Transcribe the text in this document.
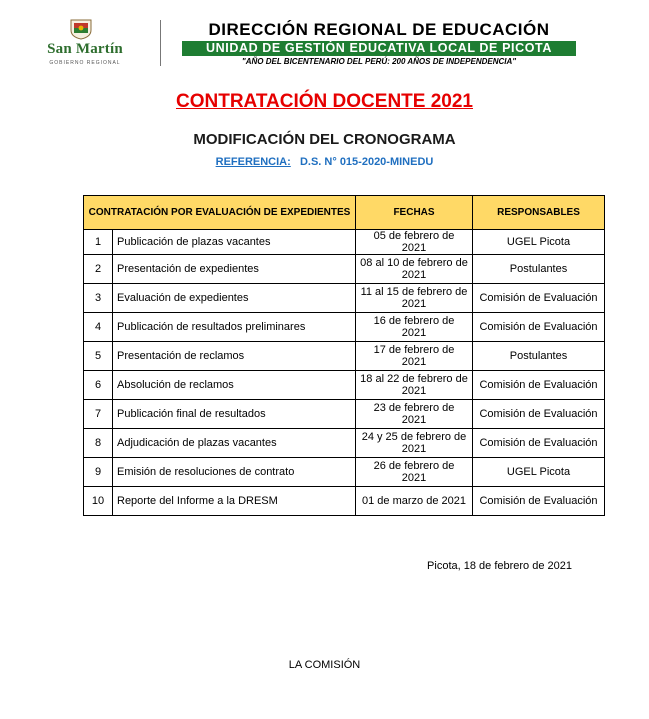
San Martín
GOBIERNO REGIONAL
DIRECCIÓN REGIONAL DE EDUCACIÓN
UNIDAD DE GESTIÓN EDUCATIVA LOCAL DE PICOTA
"AÑO DEL BICENTENARIO DEL PERÚ: 200 AÑOS DE INDEPENDENCIA"
CONTRATACIÓN DOCENTE 2021
MODIFICACIÓN DEL CRONOGRAMA
REFERENCIA: D.S. N° 015-2020-MINEDU
CONTRATACIÓN POR EVALUACIÓN DE EXPEDIENTES		FECHAS	RESPONSABLES
1	Publicación de plazas vacantes	05 de febrero de 2021	UGEL Picota
2	Presentación de expedientes	08 al 10 de febrero de 2021	Postulantes
3	Evaluación de expedientes	11 al 15 de febrero de 2021	Comisión de Evaluación
4	Publicación de resultados preliminares	16 de febrero de 2021	Comisión de Evaluación
5	Presentación de reclamos	17 de febrero de 2021	Postulantes
6	Absolución de reclamos	18 al 22 de febrero de 2021	Comisión de Evaluación
7	Publicación final de resultados	23 de febrero de 2021	Comisión de Evaluación
8	Adjudicación de plazas vacantes	24 y 25 de febrero de 2021	Comisión de Evaluación
9	Emisión de resoluciones de contrato	26 de febrero de 2021	UGEL Picota
10	Reporte del Informe a la DRESM	01 de marzo de 2021	Comisión de Evaluación
Picota, 18 de febrero de 2021
LA COMISIÓN
